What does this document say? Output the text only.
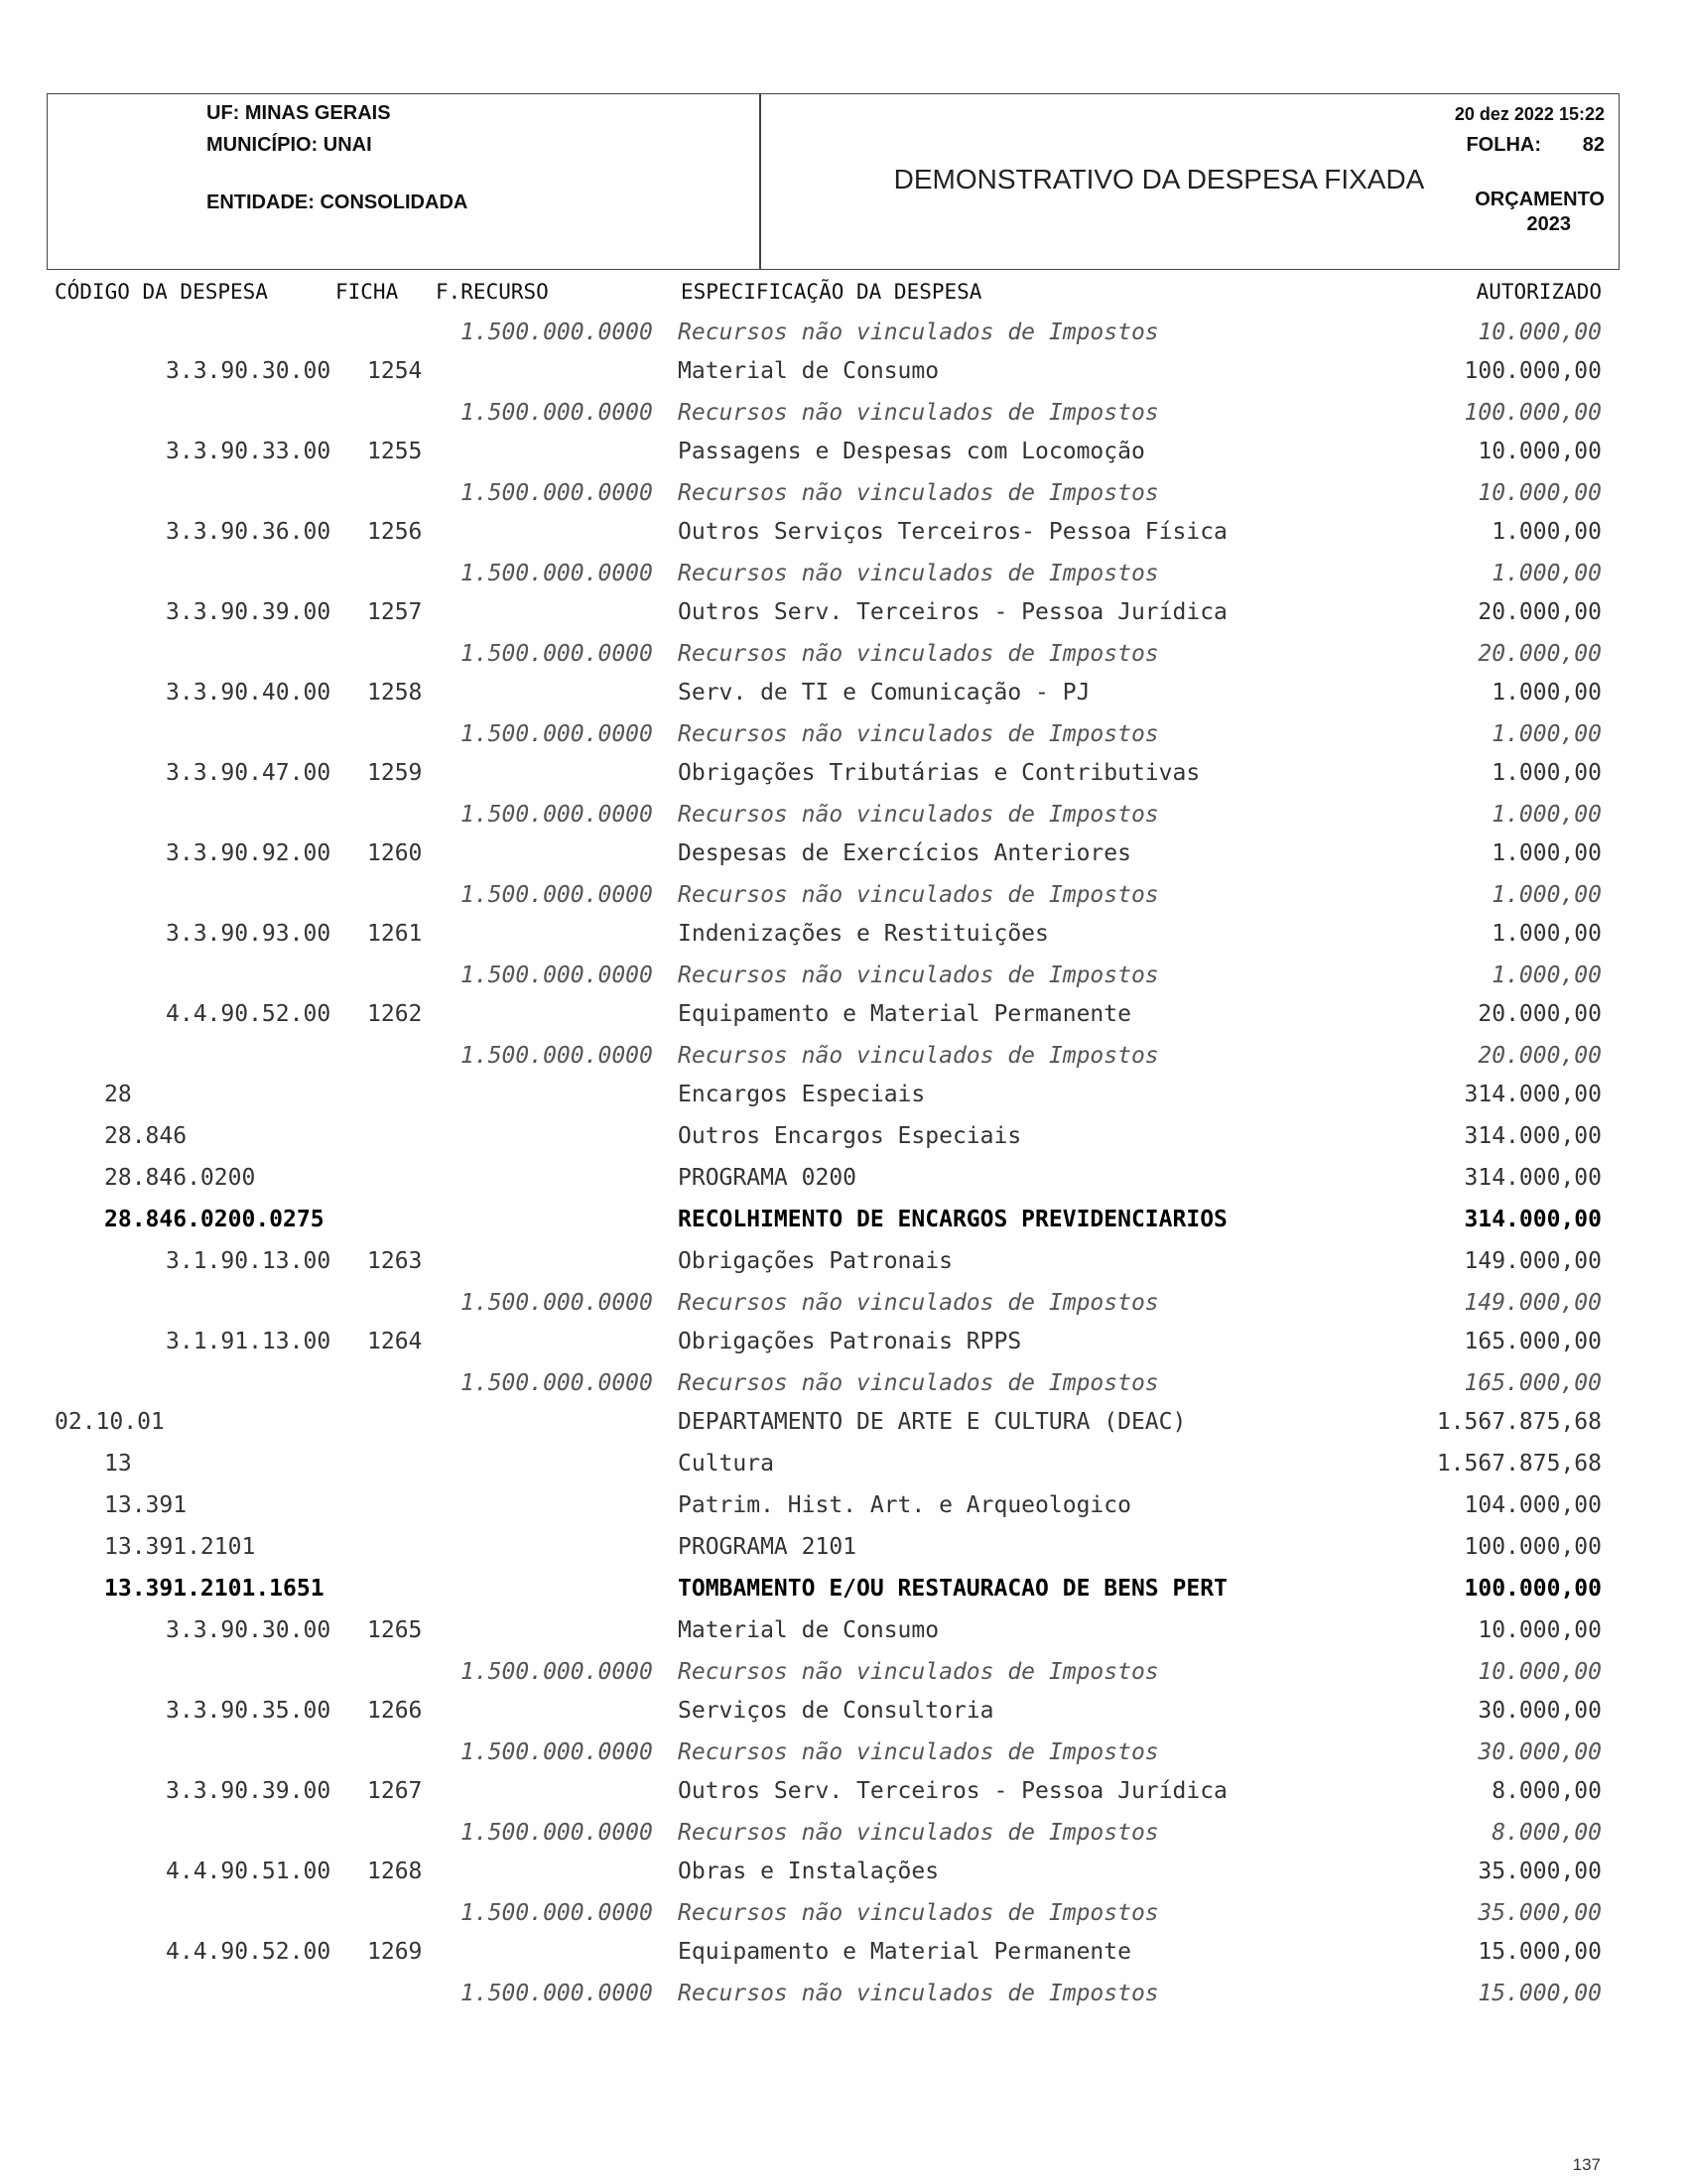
UF: MINAS GERAIS
MUNICÍPIO: UNAI
ENTIDADE: CONSOLIDADA
DEMONSTRATIVO DA DESPESA FIXADA
20 dez 2022 15:22
FOLHA: 82
ORÇAMENTO
2023
CÓDIGO DA DESPESA	FICHA F.RECURSO	ESPECIFICAÇÃO DA DESPESA	AUTORIZADO
1.500.000.0000 Recursos não vinculados de Impostos	10.000,00
3.3.90.30.00 1254	Material de Consumo	100.000,00
1.500.000.0000 Recursos não vinculados de Impostos	100.000,00
3.3.90.33.00 1255	Passagens e Despesas com Locomoção	10.000,00
1.500.000.0000 Recursos não vinculados de Impostos	10.000,00
3.3.90.36.00 1256	Outros Serviços Terceiros- Pessoa Física	1.000,00
1.500.000.0000 Recursos não vinculados de Impostos	1.000,00
3.3.90.39.00 1257	Outros Serv. Terceiros - Pessoa Jurídica	20.000,00
1.500.000.0000 Recursos não vinculados de Impostos	20.000,00
3.3.90.40.00 1258	Serv. de TI e Comunicação - PJ	1.000,00
1.500.000.0000 Recursos não vinculados de Impostos	1.000,00
3.3.90.47.00 1259	Obrigações Tributárias e Contributivas	1.000,00
1.500.000.0000 Recursos não vinculados de Impostos	1.000,00
3.3.90.92.00 1260	Despesas de Exercícios Anteriores	1.000,00
1.500.000.0000 Recursos não vinculados de Impostos	1.000,00
3.3.90.93.00 1261	Indenizações e Restituições	1.000,00
1.500.000.0000 Recursos não vinculados de Impostos	1.000,00
4.4.90.52.00 1262	Equipamento e Material Permanente	20.000,00
1.500.000.0000 Recursos não vinculados de Impostos	20.000,00
28	Encargos Especiais	314.000,00
28.846	Outros Encargos Especiais	314.000,00
28.846.0200	PROGRAMA 0200	314.000,00
28.846.0200.0275	RECOLHIMENTO DE ENCARGOS PREVIDENCIARIOS	314.000,00
3.1.90.13.00 1263	Obrigações Patronais	149.000,00
1.500.000.0000 Recursos não vinculados de Impostos	149.000,00
3.1.91.13.00 1264	Obrigações Patronais RPPS	165.000,00
1.500.000.0000 Recursos não vinculados de Impostos	165.000,00
02.10.01	DEPARTAMENTO DE ARTE E CULTURA (DEAC)	1.567.875,68
13	Cultura	1.567.875,68
13.391	Patrim. Hist. Art. e Arqueologico	104.000,00
13.391.2101	PROGRAMA 2101	100.000,00
13.391.2101.1651	TOMBAMENTO E/OU RESTAURACAO DE BENS PERT	100.000,00
3.3.90.30.00 1265	Material de Consumo	10.000,00
1.500.000.0000 Recursos não vinculados de Impostos	10.000,00
3.3.90.35.00 1266	Serviços de Consultoria	30.000,00
1.500.000.0000 Recursos não vinculados de Impostos	30.000,00
3.3.90.39.00 1267	Outros Serv. Terceiros - Pessoa Jurídica	8.000,00
1.500.000.0000 Recursos não vinculados de Impostos	8.000,00
4.4.90.51.00 1268	Obras e Instalações	35.000,00
1.500.000.0000 Recursos não vinculados de Impostos	35.000,00
4.4.90.52.00 1269	Equipamento e Material Permanente	15.000,00
1.500.000.0000 Recursos não vinculados de Impostos	15.000,00
137
